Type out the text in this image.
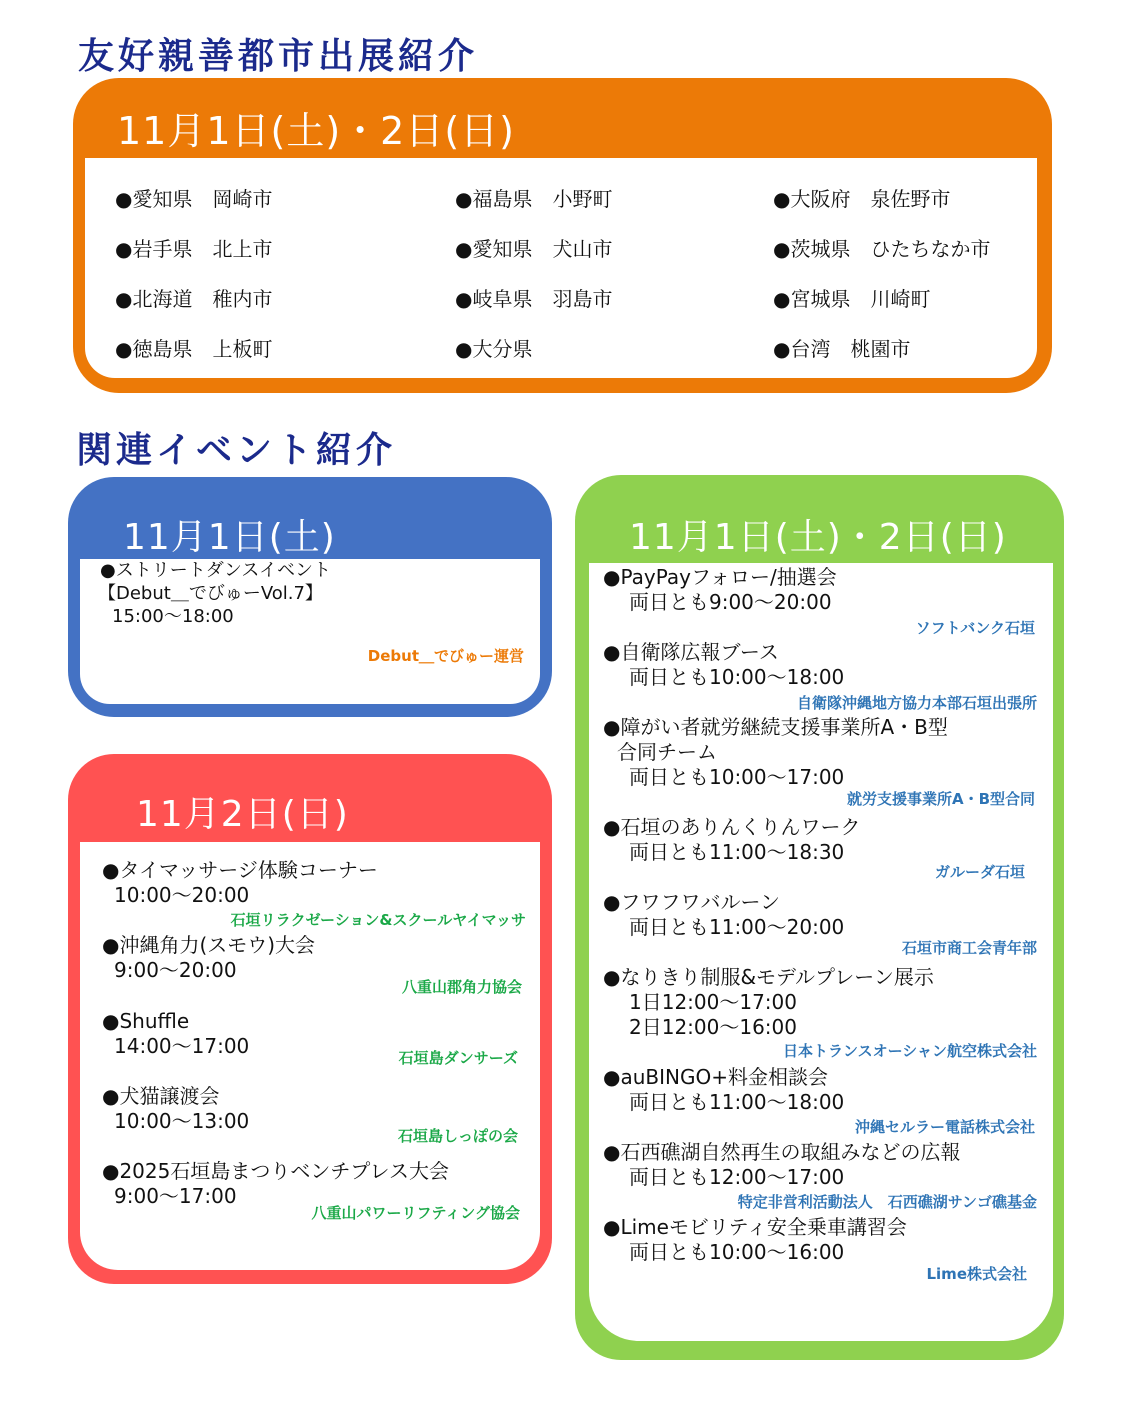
友好親善都市出展紹介
11月1日(土)・2日(日)
●愛知県　岡崎市	●福島県　小野町	●大阪府　泉佐野市
●岩手県　北上市	●愛知県　犬山市	●茨城県　ひたちなか市
●北海道　稚内市	●岐阜県　羽島市	●宮城県　川崎町
●徳島県　上板町	●大分県	●台湾　桃園市
関連イベント紹介
11月1日(土)
●ストリートダンスイベント
【Debut＿でびゅーVol.7】
15:00～18:00
Debut＿でびゅー運営
11月2日(日)
●タイマッサージ体験コーナー
10:00～20:00
石垣リラクゼーション&スクールヤイマッサ
●沖縄角力(スモウ)大会
9:00～20:00
八重山郡角力協会
●Shuffle
14:00～17:00	石垣島ダンサーズ
●犬猫譲渡会
10:00～13:00
石垣島しっぽの会
●2025石垣島まつりベンチプレス大会
9:00～17:00
八重山パワーリフティング協会
11月1日(土)・2日(日)
●PayPayフォロー/抽選会
両日とも9:00～20:00
ソフトバンク石垣
●自衛隊広報ブース
両日とも10:00～18:00
自衛隊沖縄地方協力本部石垣出張所
●障がい者就労継続支援事業所A・B型
合同チーム
両日とも10:00～17:00
就労支援事業所A・B型合同
●石垣のありんくりんワーク
両日とも11:00～18:30
ガルーダ石垣
●フワフワバルーン
両日とも11:00～20:00
石垣市商工会青年部
●なりきり制服&モデルプレーン展示
1日12:00～17:00
2日12:00～16:00
日本トランスオーシャン航空株式会社
●auBINGO+料金相談会
両日とも11:00～18:00
沖縄セルラー電話株式会社
●石西礁湖自然再生の取組みなどの広報
両日とも12:00～17:00
特定非営利活動法人　石西礁湖サンゴ礁基金
●Limeモビリティ安全乗車講習会
両日とも10:00～16:00
Lime株式会社
